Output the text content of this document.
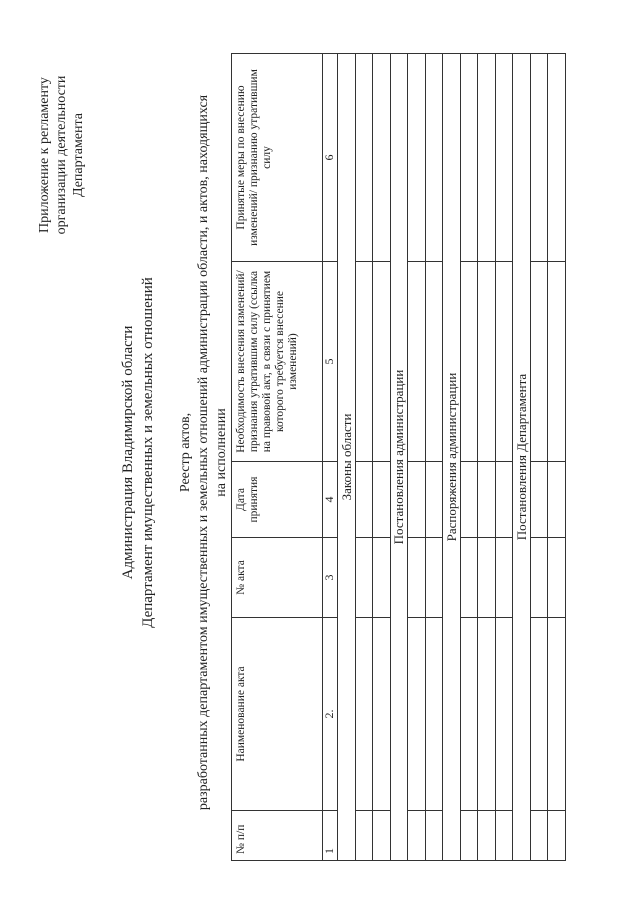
Приложение к регламенту организации деятельности Департамента
Администрация Владимирской области Департамент имущественных и земельных отношений Реестр актов, разработанных департаментом имущественных и земельных отношений администрации области, и актов, находящихся на исполнении
№ п/п	Наименование акта	№ акта	Дата принятия	Необходимость внесения изменений/ признания утратившим силу (ссылка на правовой акт, в связи с принятием которого требуется внесение изменений)	Принятые меры по внесению изменений/ признанию утратившим силу
1	2.	3	4	5	6
Законы области					

Постановления администрации					

Распоряжения администрации					

Постановления Департамента					
